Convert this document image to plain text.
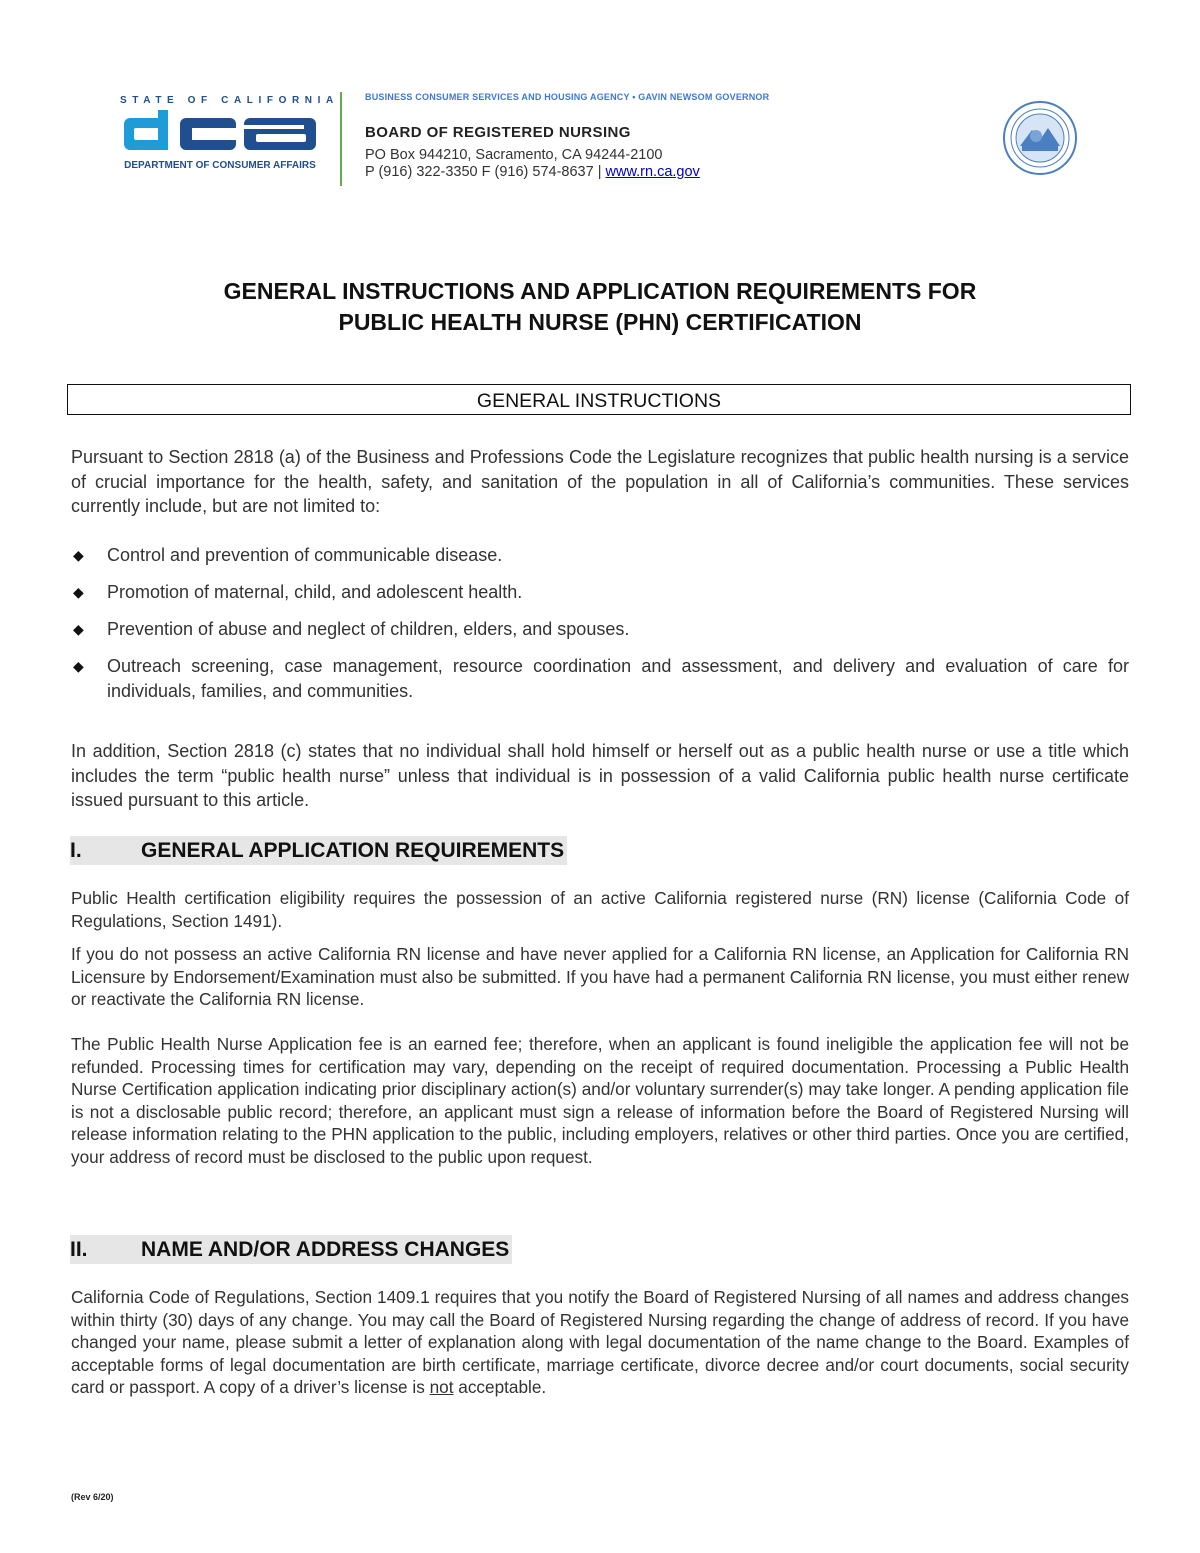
STATE OF CALIFORNIA
DEPARTMENT OF CONSUMER AFFAIRS
BUSINESS CONSUMER SERVICES AND HOUSING AGENCY • GAVIN NEWSOM GOVERNOR
BOARD OF REGISTERED NURSING
PO Box 944210, Sacramento, CA 94244-2100
P (916) 322-3350 F (916) 574-8637 | www.rn.ca.gov
GENERAL INSTRUCTIONS AND APPLICATION REQUIREMENTS FOR
PUBLIC HEALTH NURSE (PHN) CERTIFICATION
GENERAL INSTRUCTIONS

Pursuant to Section 2818 (a) of the Business and Professions Code the Legislature recognizes that public health nursing is a service of crucial importance for the health, safety, and sanitation of the population in all of California’s communities. These services currently include, but are not limited to:

◆ Control and prevention of communicable disease.
◆ Promotion of maternal, child, and adolescent health.
◆ Prevention of abuse and neglect of children, elders, and spouses.
◆ Outreach screening, case management, resource coordination and assessment, and delivery and evaluation of care for individuals, families, and communities.

In addition, Section 2818 (c) states that no individual shall hold himself or herself out as a public health nurse or use a title which includes the term “public health nurse” unless that individual is in possession of a valid California public health nurse certificate issued pursuant to this article.

I.	GENERAL APPLICATION REQUIREMENTS

Public Health certification eligibility requires the possession of an active California registered nurse (RN) license (California Code of Regulations, Section 1491).

If you do not possess an active California RN license and have never applied for a California RN license, an Application for California RN Licensure by Endorsement/Examination must also be submitted. If you have had a permanent California RN license, you must either renew or reactivate the California RN license.

The Public Health Nurse Application fee is an earned fee; therefore, when an applicant is found ineligible the application fee will not be refunded. Processing times for certification may vary, depending on the receipt of required documentation. Processing a Public Health Nurse Certification application indicating prior disciplinary action(s) and/or voluntary surrender(s) may take longer. A pending application file is not a disclosable public record; therefore, an applicant must sign a release of information before the Board of Registered Nursing will release information relating to the PHN application to the public, including employers, relatives or other third parties. Once you are certified, your address of record must be disclosed to the public upon request.

II.	NAME AND/OR ADDRESS CHANGES

California Code of Regulations, Section 1409.1 requires that you notify the Board of Registered Nursing of all names and address changes within thirty (30) days of any change. You may call the Board of Registered Nursing regarding the change of address of record. If you have changed your name, please submit a letter of explanation along with legal documentation of the name change to the Board. Examples of acceptable forms of legal documentation are birth certificate, marriage certificate, divorce decree and/or court documents, social security card or passport. A copy of a driver’s license is not acceptable.

(Rev 6/20)
